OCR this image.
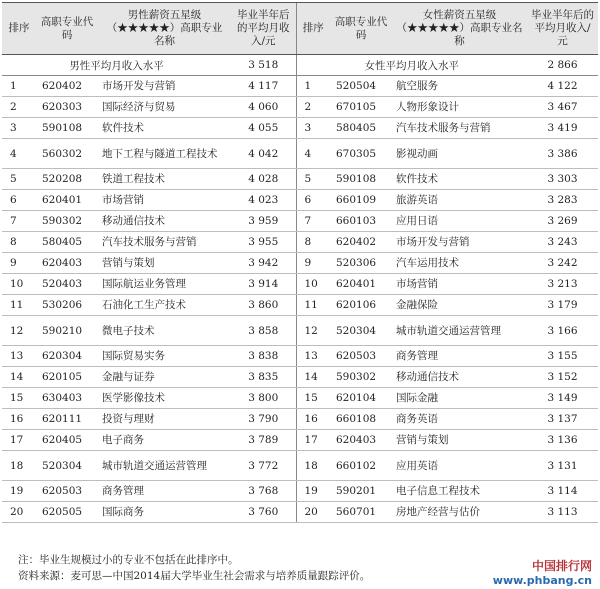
排序	高职专业代码	男性薪资五星级（★★★★★）高职专业名称	毕业半年后的平均月收入/元	排序	高职专业代码	女性薪资五星级（★★★★★）高职专业名称	毕业半年后的平均月收入/元
男性平均月收入水平			3 518	女性平均月收入水平			2 866
1	620402	市场开发与营销	4 117	1	520504	航空服务	4 122
2	620303	国际经济与贸易	4 060	2	670105	人物形象设计	3 467
3	590108	软件技术	4 055	3	580405	汽车技术服务与营销	3 419
4	560302	地下工程与隧道工程技术	4 042	4	670305	影视动画	3 386
5	520208	铁道工程技术	4 028	5	590108	软件技术	3 303
6	620401	市场营销	4 023	6	660109	旅游英语	3 283
7	590302	移动通信技术	3 959	7	660103	应用日语	3 269
8	580405	汽车技术服务与营销	3 955	8	620402	市场开发与营销	3 243
9	620403	营销与策划	3 942	9	520306	汽车运用技术	3 242
10	520403	国际航运业务管理	3 914	10	620401	市场营销	3 213
11	530206	石油化工生产技术	3 860	11	620106	金融保险	3 179
12	590210	微电子技术	3 858	12	520304	城市轨道交通运营管理	3 166
13	620304	国际贸易实务	3 838	13	620503	商务管理	3 155
14	620105	金融与证券	3 835	14	590302	移动通信技术	3 152
15	630403	医学影像技术	3 800	15	620104	国际金融	3 149
16	620111	投资与理财	3 790	16	660108	商务英语	3 137
17	620405	电子商务	3 789	17	620403	营销与策划	3 136
18	520304	城市轨道交通运营管理	3 772	18	660102	应用英语	3 131
19	620503	商务管理	3 768	19	590201	电子信息工程技术	3 114
20	620505	国际商务	3 760	20	560701	房地产经营与估价	3 113
注：毕业生规模过小的专业不包括在此排序中。
资料来源：麦可思—中国2014届大学毕业生社会需求与培养质量跟踪评价。
中国排行网
www.phbang.cn
